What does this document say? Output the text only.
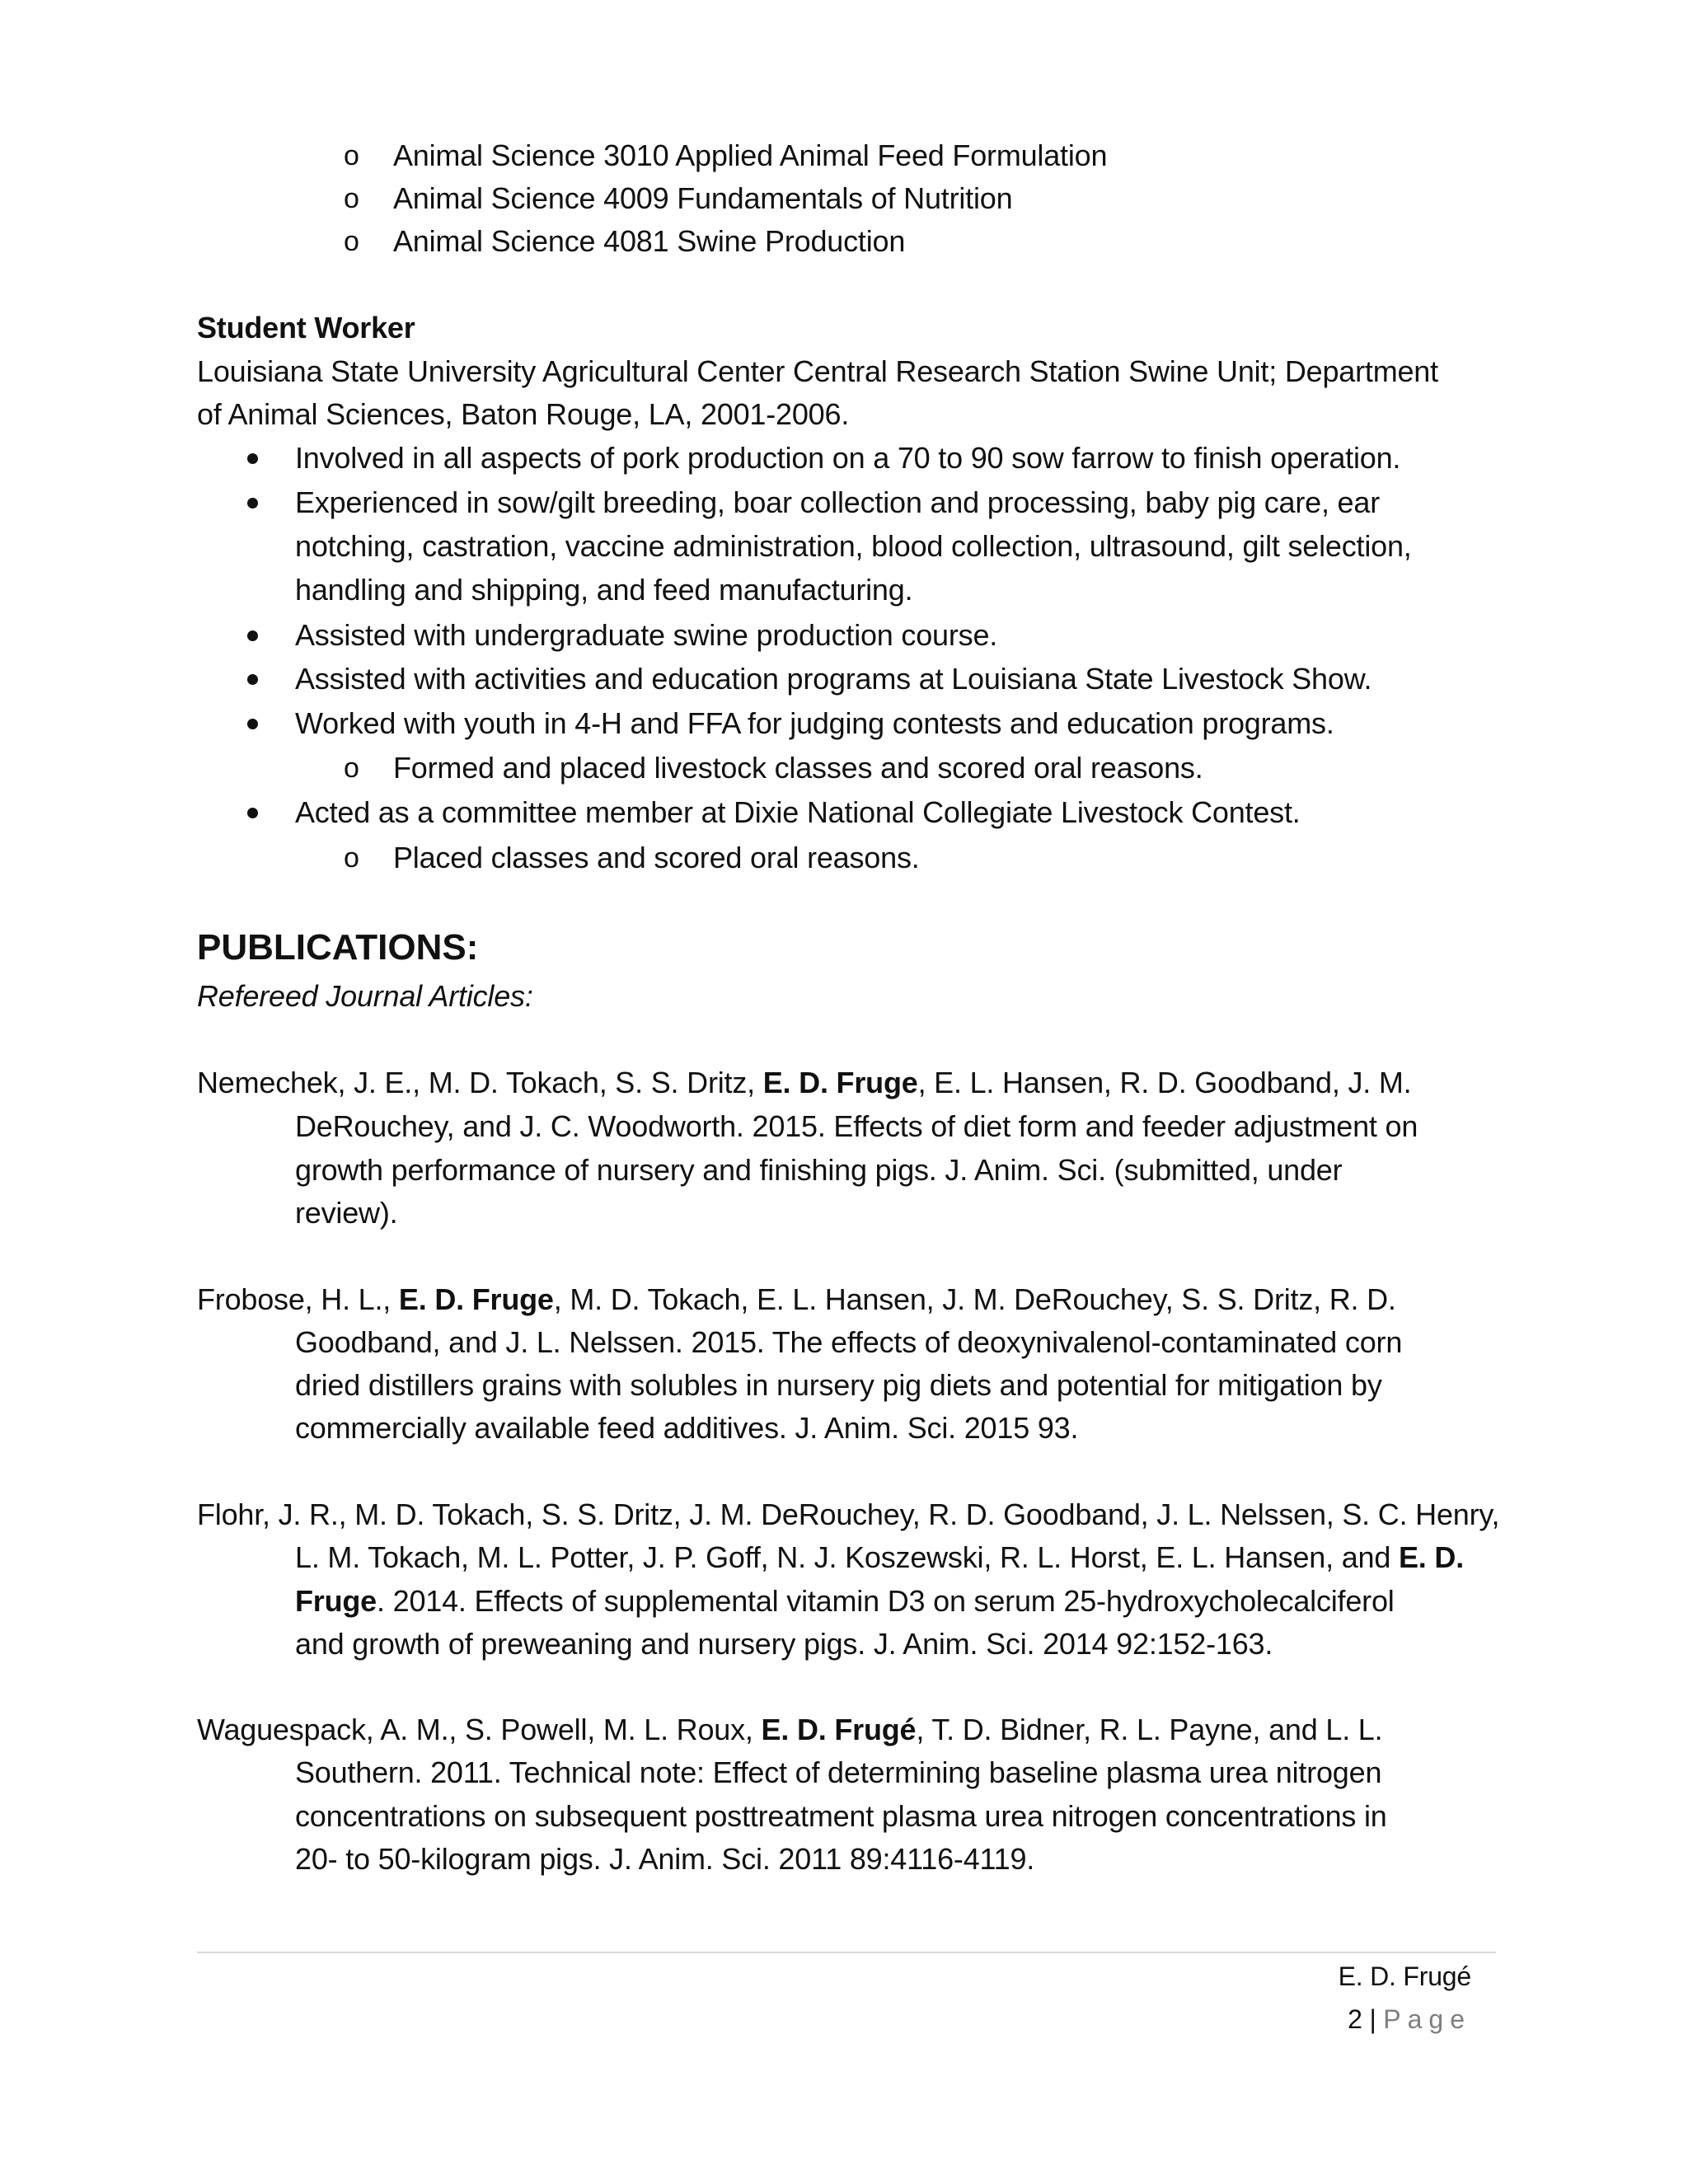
o Animal Science 3010 Applied Animal Feed Formulation
o Animal Science 4009 Fundamentals of Nutrition
o Animal Science 4081 Swine Production
Student Worker
Louisiana State University Agricultural Center Central Research Station Swine Unit; Department
of Animal Sciences, Baton Rouge, LA, 2001-2006.
Involved in all aspects of pork production on a 70 to 90 sow farrow to finish operation.
Experienced in sow/gilt breeding, boar collection and processing, baby pig care, ear
notching, castration, vaccine administration, blood collection, ultrasound, gilt selection,
handling and shipping, and feed manufacturing.
Assisted with undergraduate swine production course.
Assisted with activities and education programs at Louisiana State Livestock Show.
Worked with youth in 4-H and FFA for judging contests and education programs.
o Formed and placed livestock classes and scored oral reasons.
Acted as a committee member at Dixie National Collegiate Livestock Contest.
o Placed classes and scored oral reasons.
PUBLICATIONS:
Refereed Journal Articles:
Nemechek, J. E., M. D. Tokach, S. S. Dritz, E. D. Fruge, E. L. Hansen, R. D. Goodband, J. M.
DeRouchey, and J. C. Woodworth. 2015. Effects of diet form and feeder adjustment on
growth performance of nursery and finishing pigs. J. Anim. Sci. (submitted, under
review).
Frobose, H. L., E. D. Fruge, M. D. Tokach, E. L. Hansen, J. M. DeRouchey, S. S. Dritz, R. D.
Goodband, and J. L. Nelssen. 2015. The effects of deoxynivalenol-contaminated corn
dried distillers grains with solubles in nursery pig diets and potential for mitigation by
commercially available feed additives. J. Anim. Sci. 2015 93.
Flohr, J. R., M. D. Tokach, S. S. Dritz, J. M. DeRouchey, R. D. Goodband, J. L. Nelssen, S. C. Henry,
L. M. Tokach, M. L. Potter, J. P. Goff, N. J. Koszewski, R. L. Horst, E. L. Hansen, and E. D.
Fruge. 2014. Effects of supplemental vitamin D3 on serum 25-hydroxycholecalciferol
and growth of preweaning and nursery pigs. J. Anim. Sci. 2014 92:152-163.
Waguespack, A. M., S. Powell, M. L. Roux, E. D. Frugé, T. D. Bidner, R. L. Payne, and L. L.
Southern. 2011. Technical note: Effect of determining baseline plasma urea nitrogen
concentrations on subsequent posttreatment plasma urea nitrogen concentrations in
20- to 50-kilogram pigs. J. Anim. Sci. 2011 89:4116-4119.
E. D. Frugé
2 | Page
